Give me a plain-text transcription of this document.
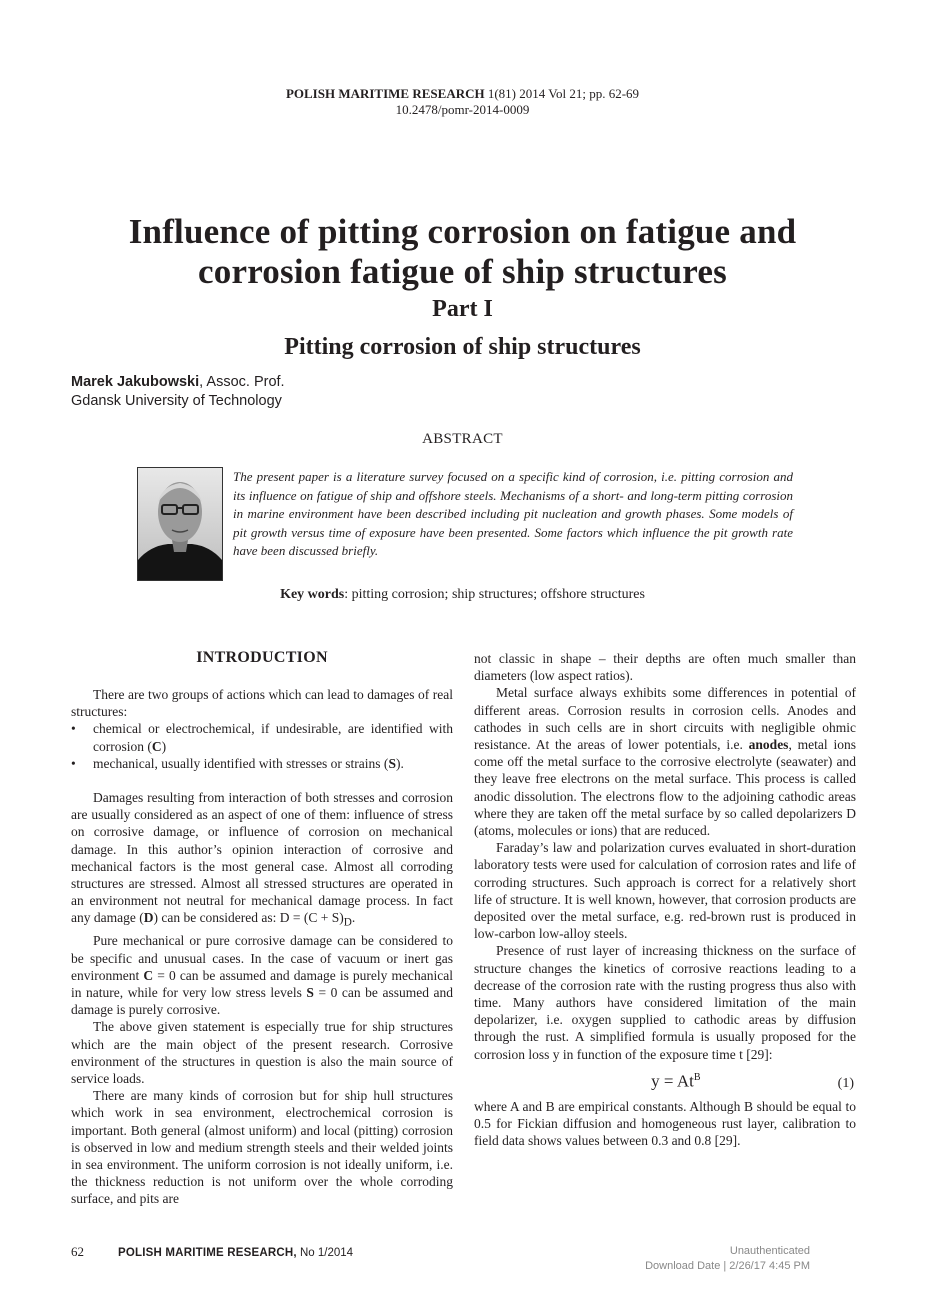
POLISH MARITIME RESEARCH 1(81) 2014 Vol 21; pp. 62-69
10.2478/pomr-2014-0009
Influence of pitting corrosion on fatigue and
corrosion fatigue of ship structures
Part I
Pitting corrosion of ship structures
Marek Jakubowski, Assoc. Prof.
Gdansk University of Technology
ABSTRACT
The present paper is a literature survey focused on a specific kind of corrosion, i.e. pitting corrosion and its influence on fatigue of ship and offshore steels. Mechanisms of a short- and long-term pitting corrosion in marine environment have been described including pit nucleation and growth phases. Some models of pit growth versus time of exposure have been presented. Some factors which influence the pit growth rate have been discussed briefly.
Key words: pitting corrosion; ship structures; offshore structures

INTRODUCTION

There are two groups of actions which can lead to damages of real structures:

•	chemical or electrochemical, if undesirable, are identified with corrosion (C)
•	mechanical, usually identified with stresses or strains (S).

Damages resulting from interaction of both stresses and corrosion are usually considered as an aspect of one of them: influence of stress on corrosive damage, or influence of corrosion on mechanical damage. In this author’s opinion interaction of corrosive and mechanical factors is the most general case. Almost all corroding structures are stressed. Almost all stressed structures are operated in an environment not neutral for mechanical damage process. In fact any damage (D) can be considered as: $D = (C + S)_D$.

Pure mechanical or pure corrosive damage can be considered to be specific and unusual cases. In the case of vacuum or inert gas environment C = 0 can be assumed and damage is purely mechanical in nature, while for very low stress levels S = 0 can be assumed and damage is purely corrosive.

The above given statement is especially true for ship structures which are the main object of the present research. Corrosive environment of the structures in question is also the main source of service loads.

There are many kinds of corrosion but for ship hull structures which work in sea environment, electrochemical corrosion is important. Both general (almost uniform) and local (pitting) corrosion is observed in low and medium strength steels and their welded joints in sea environment. The uniform corrosion is not ideally uniform, i.e. the thickness reduction is not uniform over the whole corroding surface, and pits are

not classic in shape – their depths are often much smaller than diameters (low aspect ratios).

Metal surface always exhibits some differences in potential of different areas. Corrosion results in corrosion cells. Anodes and cathodes in such cells are in short circuits with negligible ohmic resistance. At the areas of lower potentials, i.e. anodes, metal ions come off the metal surface to the corrosive electrolyte (seawater) and they leave free electrons on the metal surface. This process is called anodic dissolution. The electrons flow to the adjoining cathodic areas where they are taken off the metal surface by so called depolarizers D (atoms, molecules or ions) that are reduced.

Faraday’s law and polarization curves evaluated in short-duration laboratory tests were used for calculation of corrosion rates and life of corroding structures. Such approach is correct for a relatively short life of structure. It is well known, however, that corrosion products are deposited over the metal surface, e.g. red-brown rust is produced in low-carbon low-alloy steels.

Presence of rust layer of increasing thickness on the surface of structure changes the kinetics of corrosive reactions leading to a decrease of the corrosion rate with the rusting progress thus also with time. Many authors have considered limitation of the main depolarizer, i.e. oxygen supplied to cathodic areas by diffusion through the rust. A simplified formula is usually proposed for the corrosion loss y in function of the exposure time t [29]:

$y = At^B$	(1)

where A and B are empirical constants. Although B should be equal to 0.5 for Fickian diffusion and homogeneous rust layer, calibration to field data shows values between 0.3 and 0.8 [29].

62	POLISH MARITIME RESEARCH, No 1/2014	Unauthenticated
Download Date | 2/26/17 4:45 PM
